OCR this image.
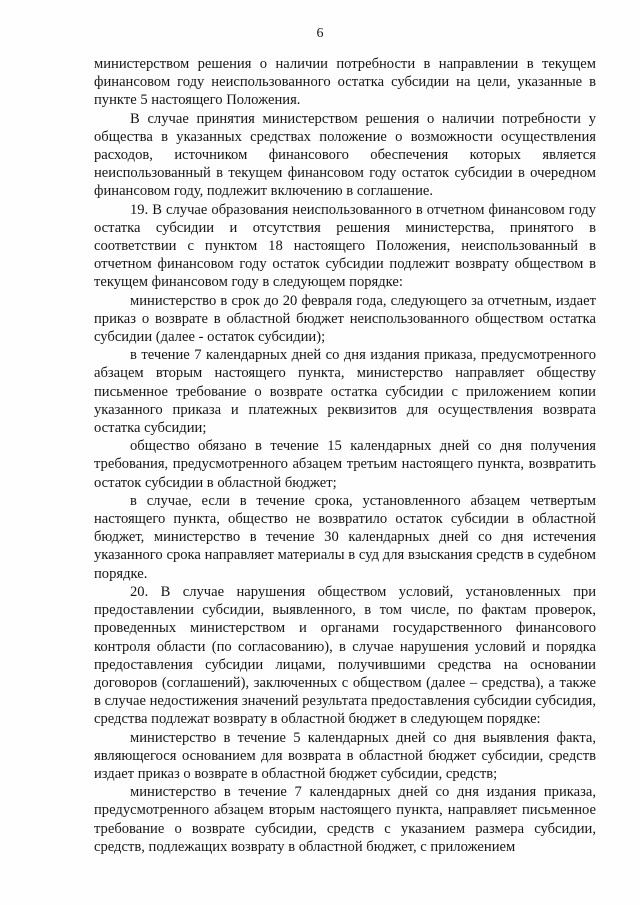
6

министерством решения о наличии потребности в направлении в текущем финансовом году неиспользованного остатка субсидии на цели, указанные в пункте 5 настоящего Положения.

В случае принятия министерством решения о наличии потребности у общества в указанных средствах положение о возможности осуществления расходов, источником финансового обеспечения которых является неиспользованный в текущем финансовом году остаток субсидии в очередном финансовом году, подлежит включению в соглашение.

19. В случае образования неиспользованного в отчетном финансовом году остатка субсидии и отсутствия решения министерства, принятого в соответствии с пунктом 18 настоящего Положения, неиспользованный в отчетном финансовом году остаток субсидии подлежит возврату обществом в текущем финансовом году в следующем порядке:

министерство в срок до 20 февраля года, следующего за отчетным, издает приказ о возврате в областной бюджет неиспользованного обществом остатка субсидии (далее - остаток субсидии);

в течение 7 календарных дней со дня издания приказа, предусмотренного абзацем вторым настоящего пункта, министерство направляет обществу письменное требование о возврате остатка субсидии с приложением копии указанного приказа и платежных реквизитов для осуществления возврата остатка субсидии;

общество обязано в течение 15 календарных дней со дня получения требования, предусмотренного абзацем третьим настоящего пункта, возвратить остаток субсидии в областной бюджет;

в случае, если в течение срока, установленного абзацем четвертым настоящего пункта, общество не возвратило остаток субсидии в областной бюджет, министерство в течение 30 календарных дней со дня истечения указанного срока направляет материалы в суд для взыскания средств в судебном порядке.

20. В случае нарушения обществом условий, установленных при предоставлении субсидии, выявленного, в том числе, по фактам проверок, проведенных министерством и органами государственного финансового контроля области (по согласованию), в случае нарушения условий и порядка предоставления субсидии лицами, получившими средства на основании договоров (соглашений), заключенных с обществом (далее – средства), а также в случае недостижения значений результата предоставления субсидии субсидия, средства подлежат возврату в областной бюджет в следующем порядке:

министерство в течение 5 календарных дней со дня выявления факта, являющегося основанием для возврата в областной бюджет субсидии, средств издает приказ о возврате в областной бюджет субсидии, средств;

министерство в течение 7 календарных дней со дня издания приказа, предусмотренного абзацем вторым настоящего пункта, направляет письменное требование о возврате субсидии, средств с указанием размера субсидии, средств, подлежащих возврату в областной бюджет, с приложением
